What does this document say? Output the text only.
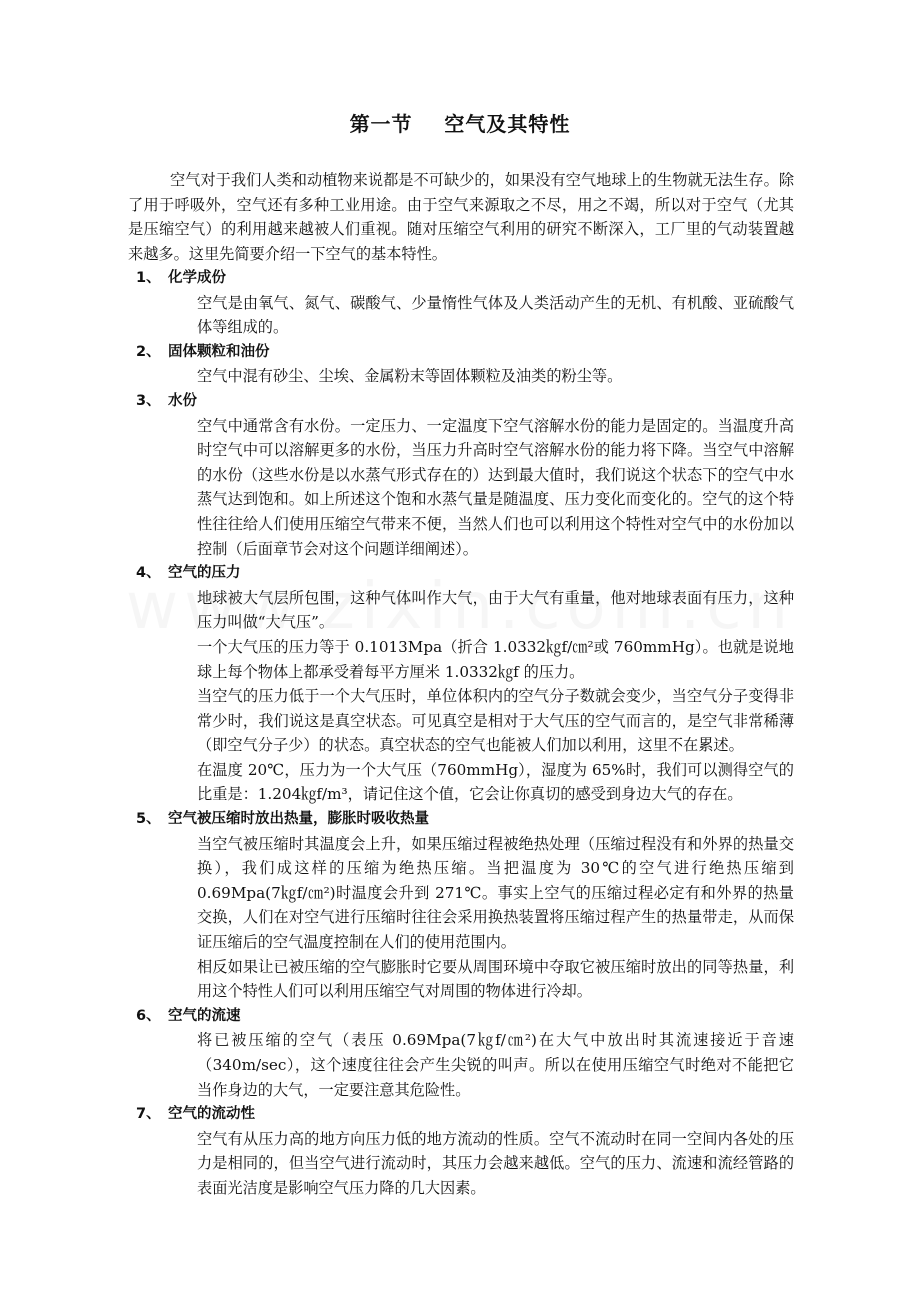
第一节    空气及其特性

空气对于我们人类和动植物来说都是不可缺少的，如果没有空气地球上的生物就无法生存。除了用于呼吸外，空气还有多种工业用途。由于空气来源取之不尽，用之不竭，所以对于空气（尤其是压缩空气）的利用越来越被人们重视。随对压缩空气利用的研究不断深入，工厂里的气动装置越来越多。这里先简要介绍一下空气的基本特性。

1、 化学成份

空气是由氧气、氮气、碳酸气、少量惰性气体及人类活动产生的无机、有机酸、亚硫酸气体等组成的。

2、 固体颗粒和油份

空气中混有砂尘、尘埃、金属粉末等固体颗粒及油类的粉尘等。

3、 水份

空气中通常含有水份。一定压力、一定温度下空气溶解水份的能力是固定的。当温度升高时空气中可以溶解更多的水份，当压力升高时空气溶解水份的能力将下降。当空气中溶解的水份（这些水份是以水蒸气形式存在的）达到最大值时，我们说这个状态下的空气中水蒸气达到饱和。如上所述这个饱和水蒸气量是随温度、压力变化而变化的。空气的这个特性往往给人们使用压缩空气带来不便，当然人们也可以利用这个特性对空气中的水份加以控制（后面章节会对这个问题详细阐述）。

4、 空气的压力

地球被大气层所包围，这种气体叫作大气，由于大气有重量，他对地球表面有压力，这种压力叫做“大气压”。

一个大气压的压力等于 0.1013Mpa（折合 1.0332㎏f/㎝²或 760mmHg）。也就是说地球上每个物体上都承受着每平方厘米 1.0332㎏f 的压力。

当空气的压力低于一个大气压时，单位体积内的空气分子数就会变少，当空气分子变得非常少时，我们说这是真空状态。可见真空是相对于大气压的空气而言的，是空气非常稀薄（即空气分子少）的状态。真空状态的空气也能被人们加以利用，这里不在累述。

在温度 20℃，压力为一个大气压（760mmHg），湿度为 65%时，我们可以测得空气的比重是：1.204㎏f/m³，请记住这个值，它会让你真切的感受到身边大气的存在。

5、 空气被压缩时放出热量，膨胀时吸收热量

当空气被压缩时其温度会上升，如果压缩过程被绝热处理（压缩过程没有和外界的热量交换），我们成这样的压缩为绝热压缩。当把温度为 30℃的空气进行绝热压缩到 0.69Mpa(7㎏f/㎝²)时温度会升到 271℃。事实上空气的压缩过程必定有和外界的热量交换，人们在对空气进行压缩时往往会采用换热装置将压缩过程产生的热量带走，从而保证压缩后的空气温度控制在人们的使用范围内。

相反如果让已被压缩的空气膨胀时它要从周围环境中夺取它被压缩时放出的同等热量，利用这个特性人们可以利用压缩空气对周围的物体进行冷却。

6、 空气的流速

将已被压缩的空气（表压 0.69Mpa(7㎏f/㎝²)在大气中放出时其流速接近于音速（340m/sec），这个速度往往会产生尖锐的叫声。所以在使用压缩空气时绝对不能把它当作身边的大气，一定要注意其危险性。

7、 空气的流动性

空气有从压力高的地方向压力低的地方流动的性质。空气不流动时在同一空间内各处的压力是相同的，但当空气进行流动时，其压力会越来越低。空气的压力、流速和流经管路的表面光洁度是影响空气压力降的几大因素。
